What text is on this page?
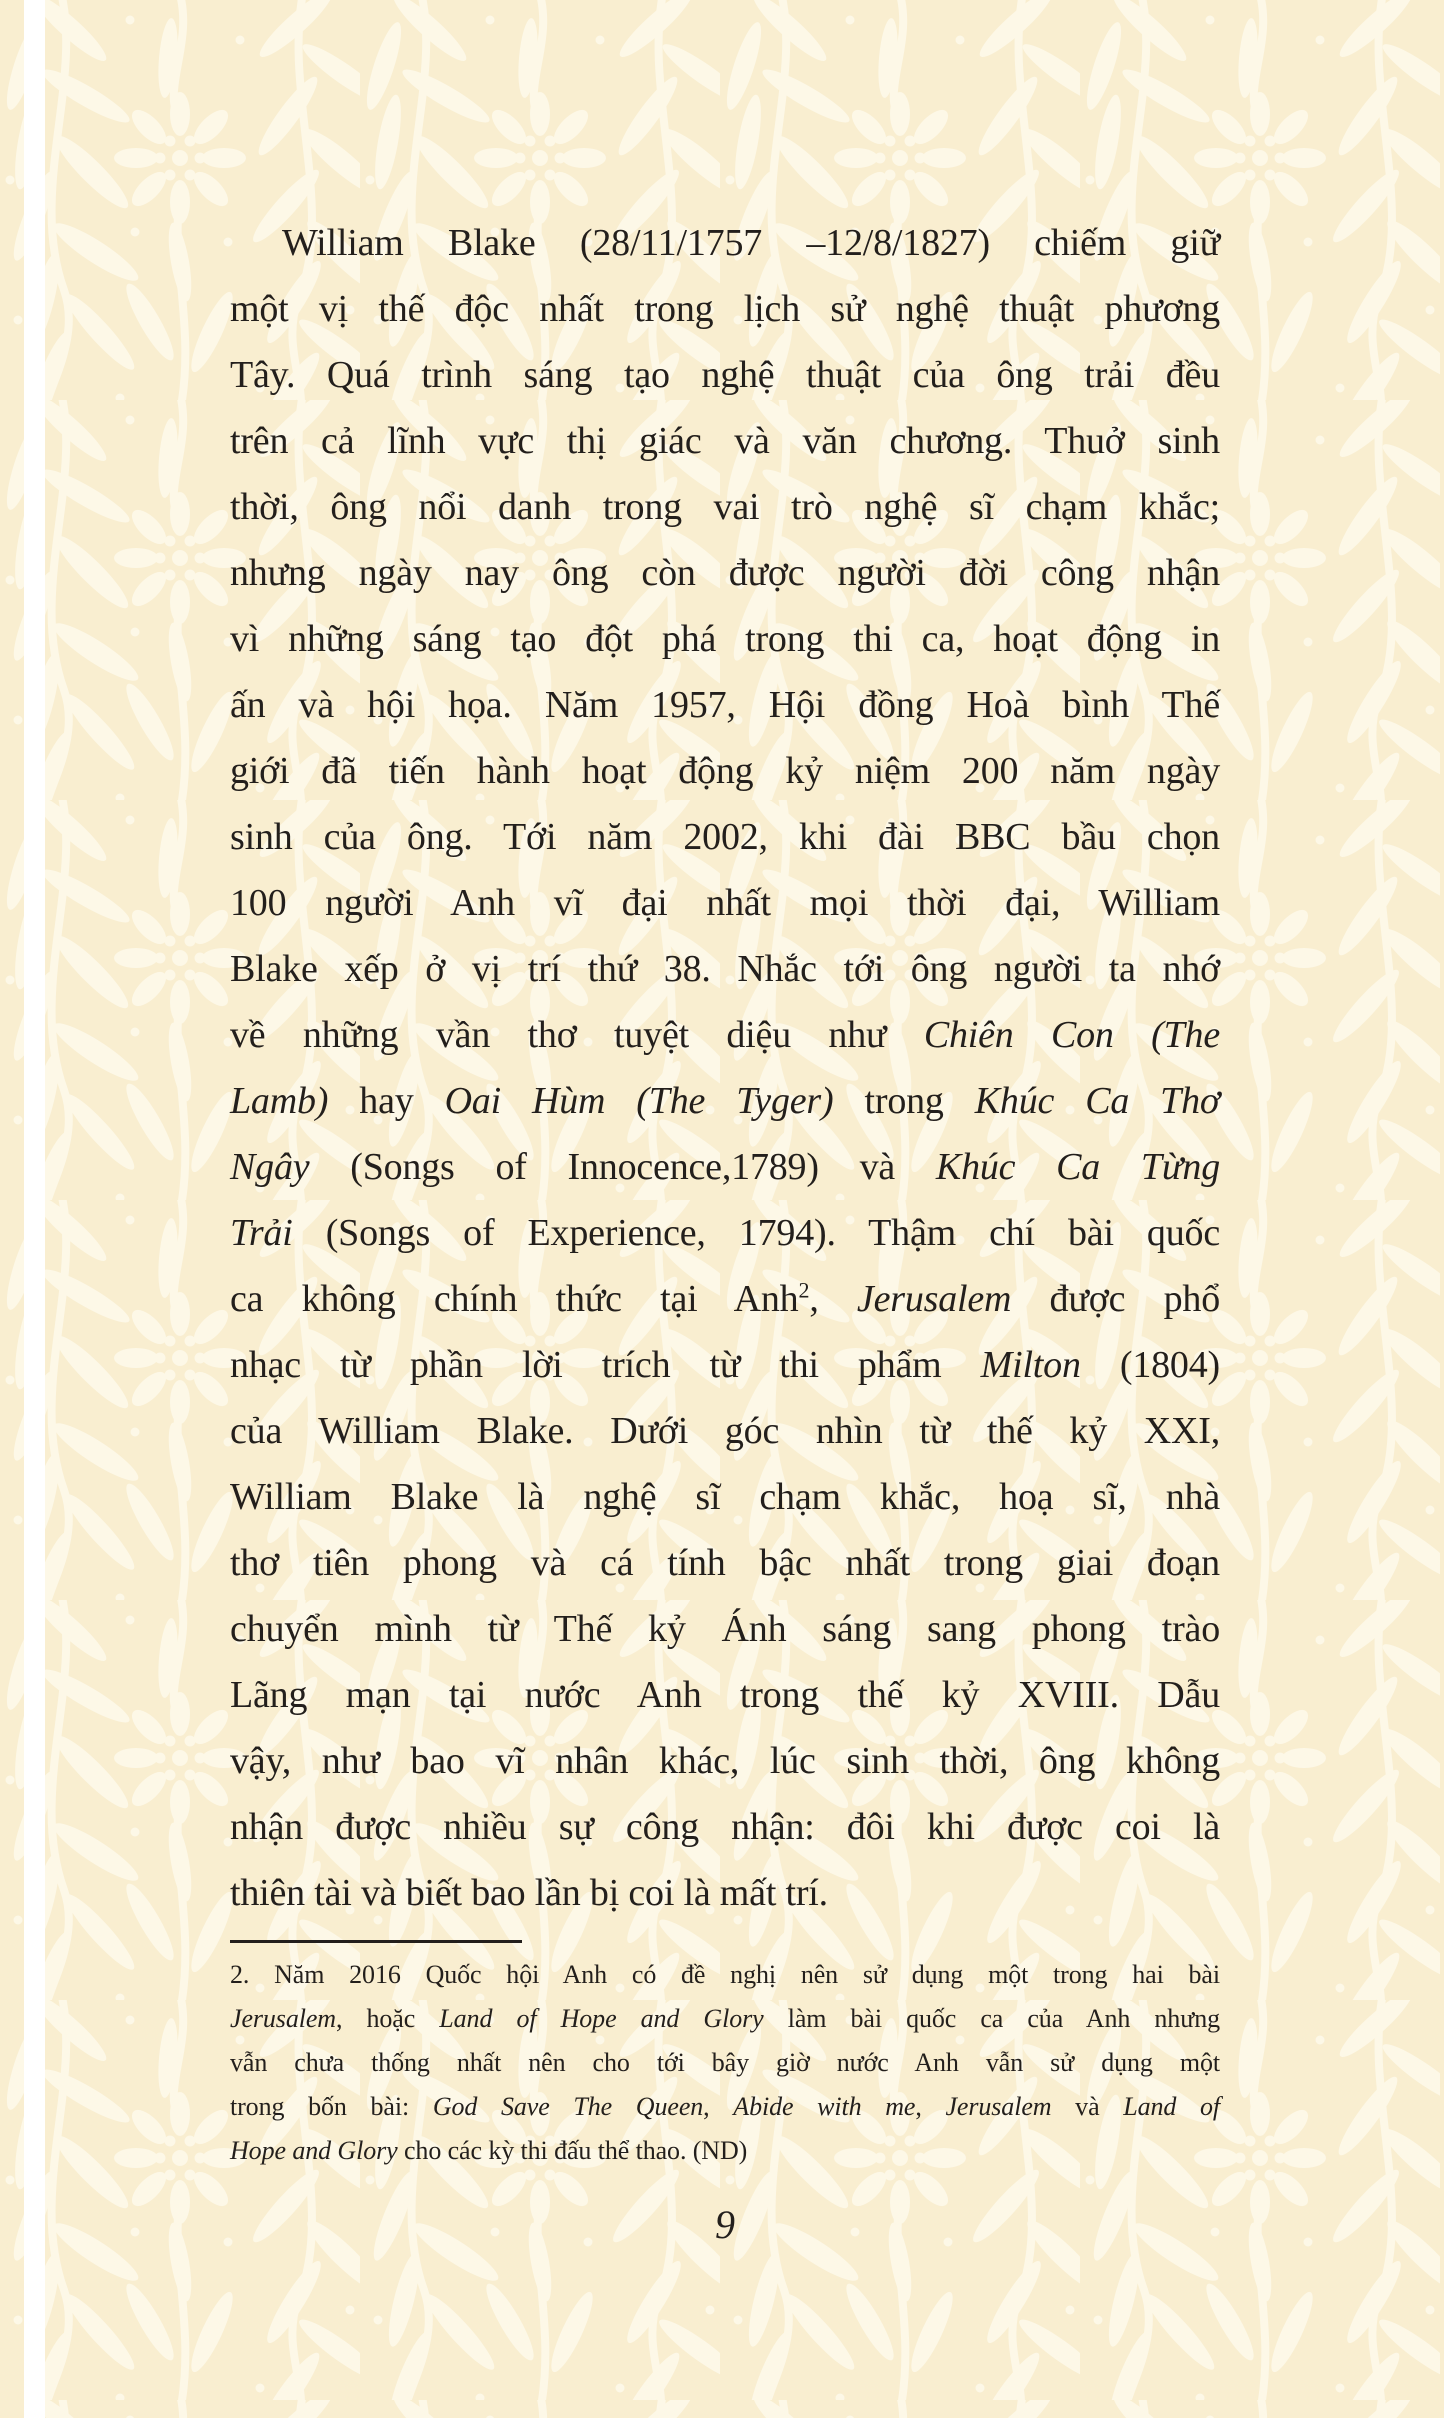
William Blake (28/11/1757 –12/8/1827) chiếm giữ
một vị thế độc nhất trong lịch sử nghệ thuật phương
Tây. Quá trình sáng tạo nghệ thuật của ông trải đều
trên cả lĩnh vực thị giác và văn chương. Thuở sinh
thời, ông nổi danh trong vai trò nghệ sĩ chạm khắc;
nhưng ngày nay ông còn được người đời công nhận
vì những sáng tạo đột phá trong thi ca, hoạt động in
ấn và hội họa. Năm 1957, Hội đồng Hoà bình Thế
giới đã tiến hành hoạt động kỷ niệm 200 năm ngày
sinh của ông. Tới năm 2002, khi đài BBC bầu chọn
100 người Anh vĩ đại nhất mọi thời đại, William
Blake xếp ở vị trí thứ 38. Nhắc tới ông người ta nhớ
về những vần thơ tuyệt diệu như Chiên Con (The
Lamb) hay Oai Hùm (The Tyger) trong Khúc Ca Thơ
Ngây (Songs of Innocence,1789) và Khúc Ca Từng
Trải (Songs of Experience, 1794). Thậm chí bài quốc
ca không chính thức tại Anh$^2$, Jerusalem được phổ
nhạc từ phần lời trích từ thi phẩm Milton (1804)
của William Blake. Dưới góc nhìn từ thế kỷ XXI,
William Blake là nghệ sĩ chạm khắc, hoạ sĩ, nhà
thơ tiên phong và cá tính bậc nhất trong giai đoạn
chuyển mình từ Thế kỷ Ánh sáng sang phong trào
Lãng mạn tại nước Anh trong thế kỷ XVIII. Dẫu
vậy, như bao vĩ nhân khác, lúc sinh thời, ông không
nhận được nhiều sự công nhận: đôi khi được coi là
thiên tài và biết bao lần bị coi là mất trí.
2. Năm 2016 Quốc hội Anh có đề nghị nên sử dụng một trong hai bài
Jerusalem, hoặc Land of Hope and Glory làm bài quốc ca của Anh nhưng
vẫn chưa thống nhất nên cho tới bây giờ nước Anh vẫn sử dụng một
trong bốn bài: God Save The Queen, Abide with me, Jerusalem và Land of
Hope and Glory cho các kỳ thi đấu thể thao. (ND)
9
